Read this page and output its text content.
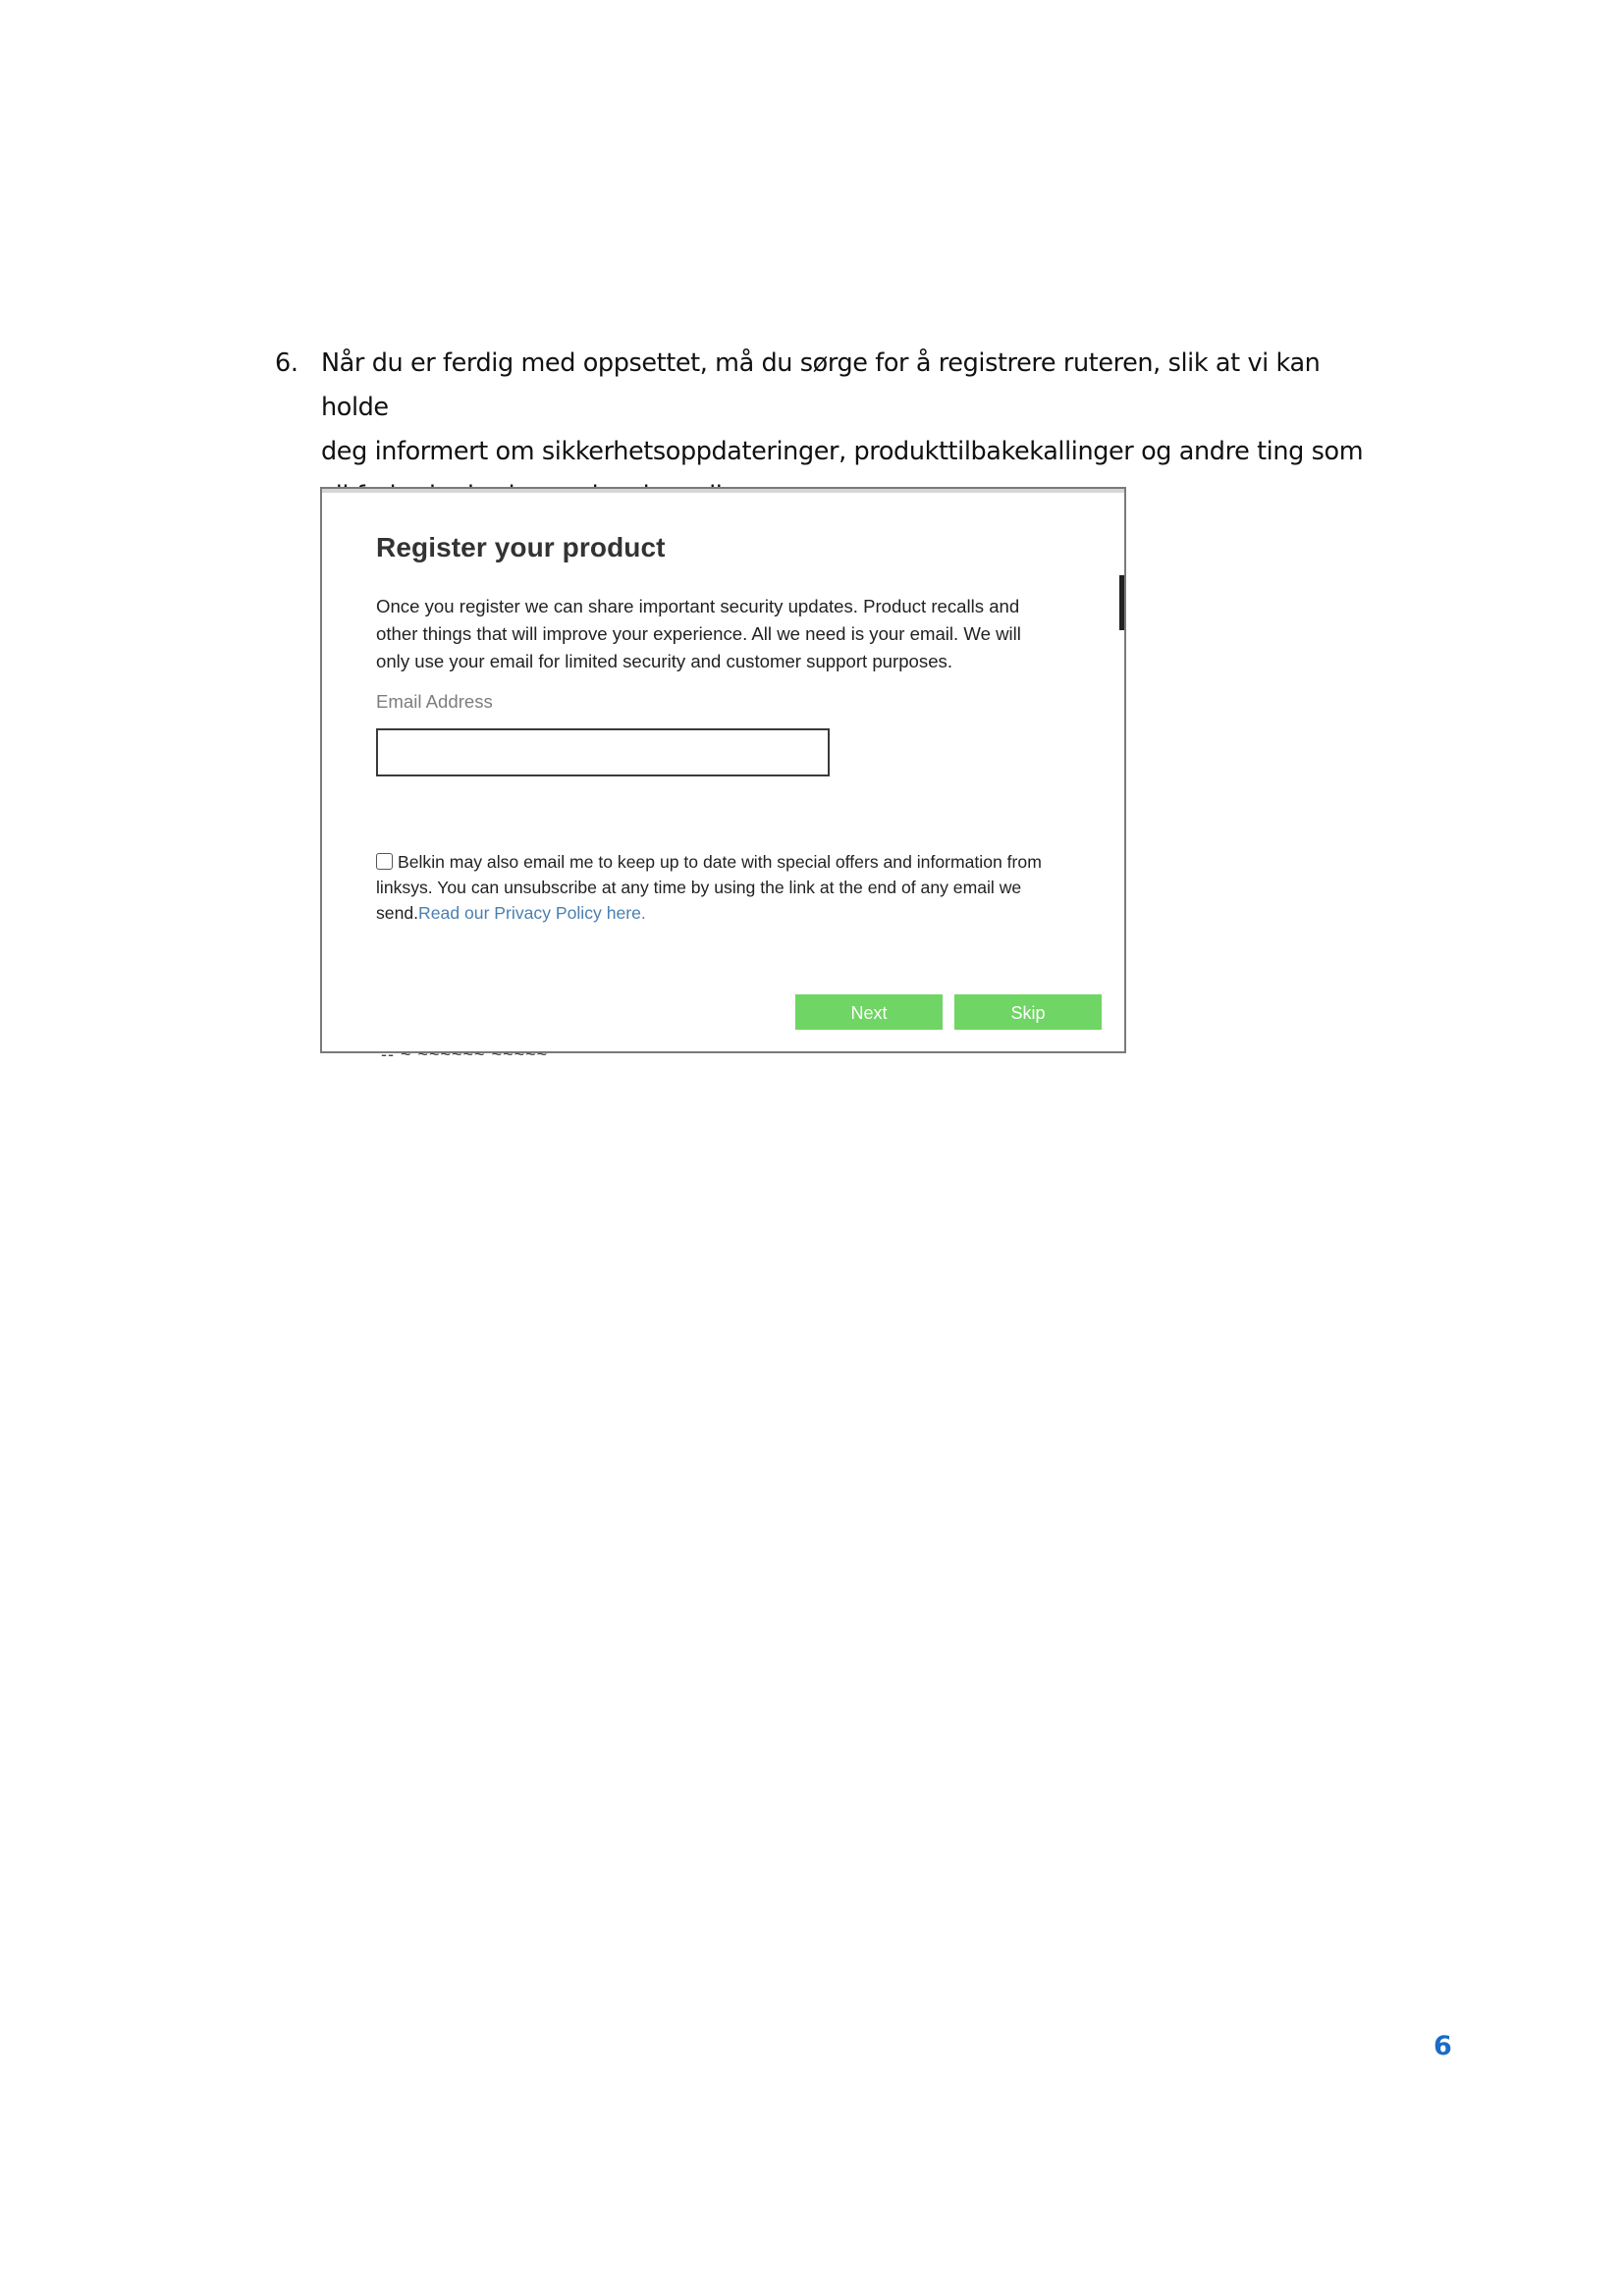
6. Når du er ferdig med oppsettet, må du sørge for å registrere ruteren, slik at vi kan holde
deg informert om sikkerhetsoppdateringer, produkttilbakekallinger og andre ting som

Register your product
Once you register we can share important security updates. Product recalls and
other things that will improve your experience. All we need is your email. We will
only use your email for limited security and customer support purposes.
Email Address
Belkin may also email me to keep up to date with special offers and information from
linksys. You can unsubscribe at any time by using the link at the end of any email we
send.Read our Privacy Policy here.
Next	Skip
-- ~ ~~~~~~ ~~~~~
6
